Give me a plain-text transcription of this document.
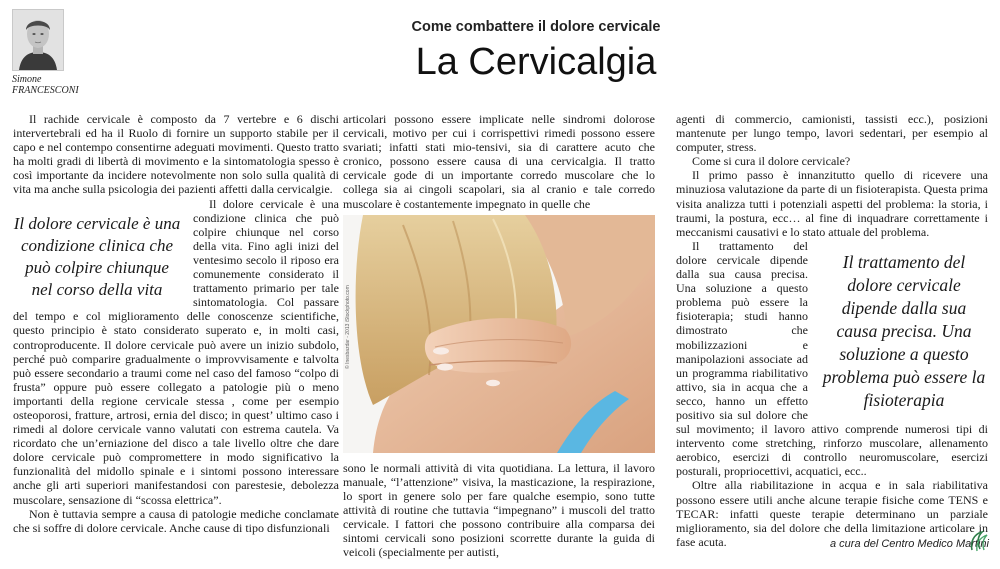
Simone
FRANCESCONI
Come combattere il dolore cervicale
La Cervicalgia

Il rachide cervicale è composto da 7 vertebre e 6 dischi intervertebrali ed ha il Ruolo di fornire un supporto stabile per il capo e nel contempo consentirne adeguati movimenti. Questo tratto ha molti gradi di libertà di movimento e la sintomatologia spesso è così importante da incidere notevolmente non solo sulla qualità di vita ma anche sulla psicologia dei pazienti affetti dalla cervicalgie.

Il dolore cervicale è una condizione clinica che può colpire chiunque nel corso della vita

Il dolore cervicale è una condizione clinica che può colpire chiunque nel corso della vita. Fino agli inizi del ventesimo secolo il riposo era comunemente considerato il trattamento primario per tale sintomatologia. Col passare del tempo e col miglioramento delle conoscenze scientifiche, questo principio è stato considerato superato e, in molti casi, controproducente. Il dolore cervicale può avere un inizio subdolo, perché può comparire gradualmente o improvvisamente e talvolta può essere secondario a traumi come nel caso del famoso “colpo di frusta” oppure può essere collegato a patologie più o meno importanti della regione cervicale stessa , come per esempio osteoporosi, fratture, artrosi, ernia del disco; in quest’ ultimo caso i rimedi al dolore cervicale vanno valutati con estrema cautela. Va ricordato che un’erniazione del disco a tale livello oltre che dare dolore cervicale può compromettere in modo significativo la funzionalità del midollo spinale e i sintomi possono interessare anche gli arti superiori manifestandosi con parestesie, debolezza muscolare, sensazione di “scossa elettrica”.

Non è tuttavia sempre a causa di patologie mediche conclamate che si soffre di dolore cervicale. Anche cause di tipo disfunzionali

articolari possono essere implicate nelle sindromi dolorose cervicali, motivo per cui i corrispettivi rimedi possono essere svariati; infatti stati mio-tensivi, sia di carattere acuto che cronico, possono essere causa di una cervicalgia. Il tratto cervicale gode di un importante corredo muscolare che lo collega sia ai cingoli scapolari, sia al cranio e tale corredo muscolare è costantemente impegnato in quelle che

© Inesbazdar - 2013 iStockphoto.com

sono le normali attività di vita quotidiana. La lettura, il lavoro manuale, “l’attenzione” visiva, la masticazione, la respirazione, lo sport in genere solo per fare qualche esempio, sono tutte attività di routine che tuttavia “impegnano” i muscoli del tratto cervicale. I fattori che possono contribuire alla comparsa dei sintomi cervicali sono posizioni scorrette durante la guida di veicoli (specialmente per autisti,

agenti di commercio, camionisti, tassisti ecc.), posizioni mantenute per lungo tempo, lavori sedentari, per esempio al computer, stress.

Come si cura il dolore cervicale?

Il primo passo è innanzitutto quello di ricevere una minuziosa valutazione da parte di un fisioterapista. Questa prima visita analizza tutti i potenziali aspetti del problema: la storia, i traumi, la postura, ecc… al fine di inquadrare correttamente i meccanismi causativi e lo stato attuale del problema.

Il trattamento del dolore cervicale dipende dalla sua causa precisa. Una soluzione a questo problema può essere la fisioterapia

Il trattamento del dolore cervicale dipende dalla sua causa precisa. Una soluzione a questo problema può essere la fisioterapia; studi hanno dimostrato che mobilizzazioni e manipolazioni associate ad un programma riabilitativo attivo, sia in acqua che a secco, hanno un effetto positivo sia sul dolore che sul movimento; il lavoro attivo comprende numerosi tipi di intervento come stretching, rinforzo muscolare, allenamento aerobico, esercizi di controllo neuromuscolare, esercizi posturali, propriocettivi, acquatici, ecc..

Oltre alla riabilitazione in acqua e in sala riabilitativa possono essere utili anche alcune terapie fisiche come TENS e TECAR: infatti queste terapie determinano un parziale miglioramento, sia del dolore che della limitazione articolare in fase acuta.	a cura del Centro Medico Martini
